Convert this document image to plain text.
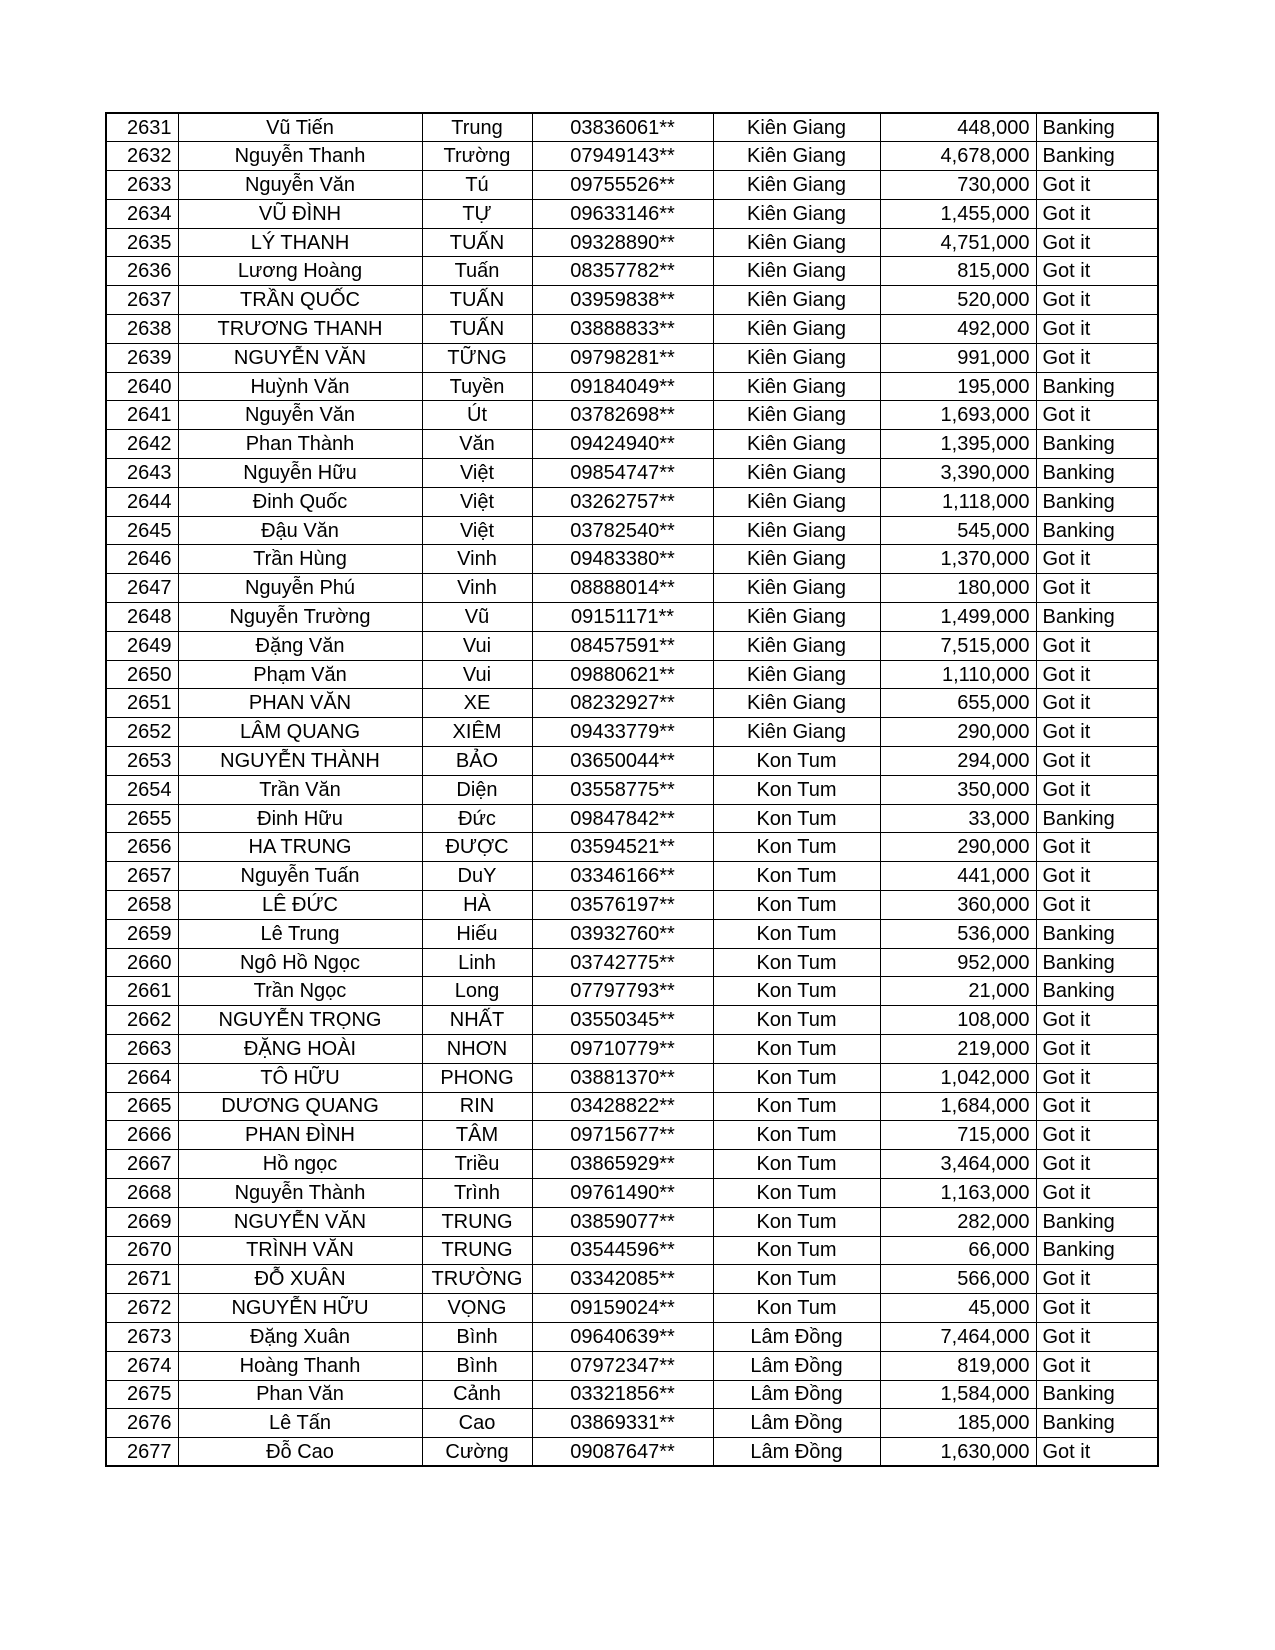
2631	Vũ Tiến	Trung	03836061**	Kiên Giang	448,000	Banking
2632	Nguyễn Thanh	Trường	07949143**	Kiên Giang	4,678,000	Banking
2633	Nguyễn Văn	Tú	09755526**	Kiên Giang	730,000	Got it
2634	VŨ ĐÌNH	TỰ	09633146**	Kiên Giang	1,455,000	Got it
2635	LÝ THANH	TUẤN	09328890**	Kiên Giang	4,751,000	Got it
2636	Lương Hoàng	Tuấn	08357782**	Kiên Giang	815,000	Got it
2637	TRẦN QUỐC	TUẤN	03959838**	Kiên Giang	520,000	Got it
2638	TRƯƠNG THANH	TUẤN	03888833**	Kiên Giang	492,000	Got it
2639	NGUYỄN VĂN	TỮNG	09798281**	Kiên Giang	991,000	Got it
2640	Huỳnh Văn	Tuyền	09184049**	Kiên Giang	195,000	Banking
2641	Nguyễn Văn	Út	03782698**	Kiên Giang	1,693,000	Got it
2642	Phan Thành	Văn	09424940**	Kiên Giang	1,395,000	Banking
2643	Nguyễn Hữu	Việt	09854747**	Kiên Giang	3,390,000	Banking
2644	Đinh Quốc	Việt	03262757**	Kiên Giang	1,118,000	Banking
2645	Đậu Văn	Việt	03782540**	Kiên Giang	545,000	Banking
2646	Trần Hùng	Vinh	09483380**	Kiên Giang	1,370,000	Got it
2647	Nguyễn Phú	Vinh	08888014**	Kiên Giang	180,000	Got it
2648	Nguyễn Trường	Vũ	09151171**	Kiên Giang	1,499,000	Banking
2649	Đặng Văn	Vui	08457591**	Kiên Giang	7,515,000	Got it
2650	Phạm Văn	Vui	09880621**	Kiên Giang	1,110,000	Got it
2651	PHAN VĂN	XE	08232927**	Kiên Giang	655,000	Got it
2652	LÂM QUANG	XIÊM	09433779**	Kiên Giang	290,000	Got it
2653	NGUYỄN THÀNH	BẢO	03650044**	Kon Tum	294,000	Got it
2654	Trần Văn	Diện	03558775**	Kon Tum	350,000	Got it
2655	Đinh Hữu	Đức	09847842**	Kon Tum	33,000	Banking
2656	HA TRUNG	ĐƯỢC	03594521**	Kon Tum	290,000	Got it
2657	Nguyễn Tuấn	DuY	03346166**	Kon Tum	441,000	Got it
2658	LÊ ĐỨC	HÀ	03576197**	Kon Tum	360,000	Got it
2659	Lê Trung	Hiếu	03932760**	Kon Tum	536,000	Banking
2660	Ngô Hồ Ngọc	Linh	03742775**	Kon Tum	952,000	Banking
2661	Trần Ngọc	Long	07797793**	Kon Tum	21,000	Banking
2662	NGUYỄN TRỌNG	NHẤT	03550345**	Kon Tum	108,000	Got it
2663	ĐẶNG HOÀI	NHƠN	09710779**	Kon Tum	219,000	Got it
2664	TÔ HỮU	PHONG	03881370**	Kon Tum	1,042,000	Got it
2665	DƯƠNG QUANG	RIN	03428822**	Kon Tum	1,684,000	Got it
2666	PHAN ĐÌNH	TÂM	09715677**	Kon Tum	715,000	Got it
2667	Hồ ngọc	Triều	03865929**	Kon Tum	3,464,000	Got it
2668	Nguyễn Thành	Trình	09761490**	Kon Tum	1,163,000	Got it
2669	NGUYỄN VĂN	TRUNG	03859077**	Kon Tum	282,000	Banking
2670	TRÌNH VĂN	TRUNG	03544596**	Kon Tum	66,000	Banking
2671	ĐỖ XUÂN	TRƯỜNG	03342085**	Kon Tum	566,000	Got it
2672	NGUYỄN HỮU	VỌNG	09159024**	Kon Tum	45,000	Got it
2673	Đặng Xuân	Bình	09640639**	Lâm Đồng	7,464,000	Got it
2674	Hoàng Thanh	Bình	07972347**	Lâm Đồng	819,000	Got it
2675	Phan Văn	Cảnh	03321856**	Lâm Đồng	1,584,000	Banking
2676	Lê Tấn	Cao	03869331**	Lâm Đồng	185,000	Banking
2677	Đỗ Cao	Cường	09087647**	Lâm Đồng	1,630,000	Got it
